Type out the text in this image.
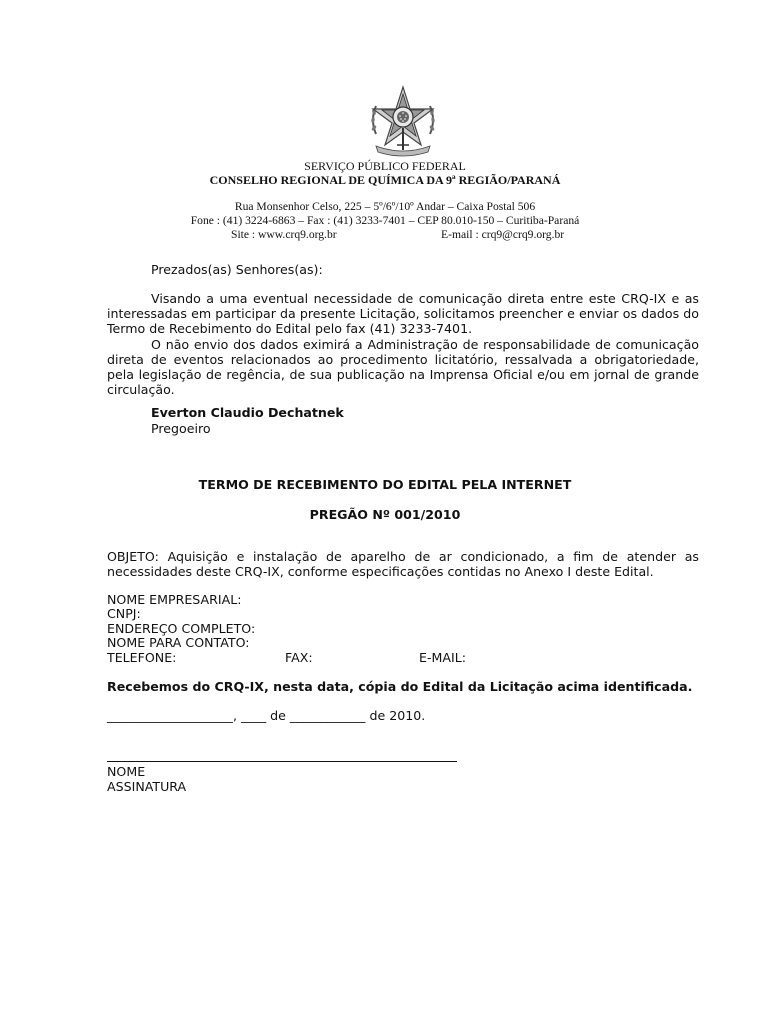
SERVIÇO PÚBLICO FEDERAL
CONSELHO REGIONAL DE QUÍMICA DA 9ª REGIÃO/PARANÁ
Rua Monsenhor Celso, 225 – 5º/6º/10º Andar – Caixa Postal 506
Fone : (41) 3224-6863 – Fax : (41) 3233-7401 – CEP 80.010-150 – Curitiba-Paraná
Site : www.crq9.org.br	E-mail : crq9@crq9.org.br
Prezados(as) Senhores(as):
Visando a uma eventual necessidade de comunicação direta entre este CRQ-IX e as
interessadas em participar da presente Licitação, solicitamos preencher e enviar os dados do
Termo de Recebimento do Edital pelo fax (41) 3233-7401.
O não envio dos dados eximirá a Administração de responsabilidade de comunicação
direta de eventos relacionados ao procedimento licitatório, ressalvada a obrigatoriedade,
pela legislação de regência, de sua publicação na Imprensa Oficial e/ou em jornal de grande
circulação.
Everton Claudio Dechatnek
Pregoeiro
TERMO DE RECEBIMENTO DO EDITAL PELA INTERNET
PREGÃO Nº 001/2010
OBJETO: Aquisição e instalação de aparelho de ar condicionado, a fim de atender as
necessidades deste CRQ-IX, conforme especificações contidas no Anexo I deste Edital.
NOME EMPRESARIAL:
CNPJ:
ENDEREÇO COMPLETO:
NOME PARA CONTATO:
TELEFONE:	FAX:	E-MAIL:
Recebemos do CRQ-IX, nesta data, cópia do Edital da Licitação acima identificada.
____________________, ____ de ____________ de 2010.
NOME
ASSINATURA
